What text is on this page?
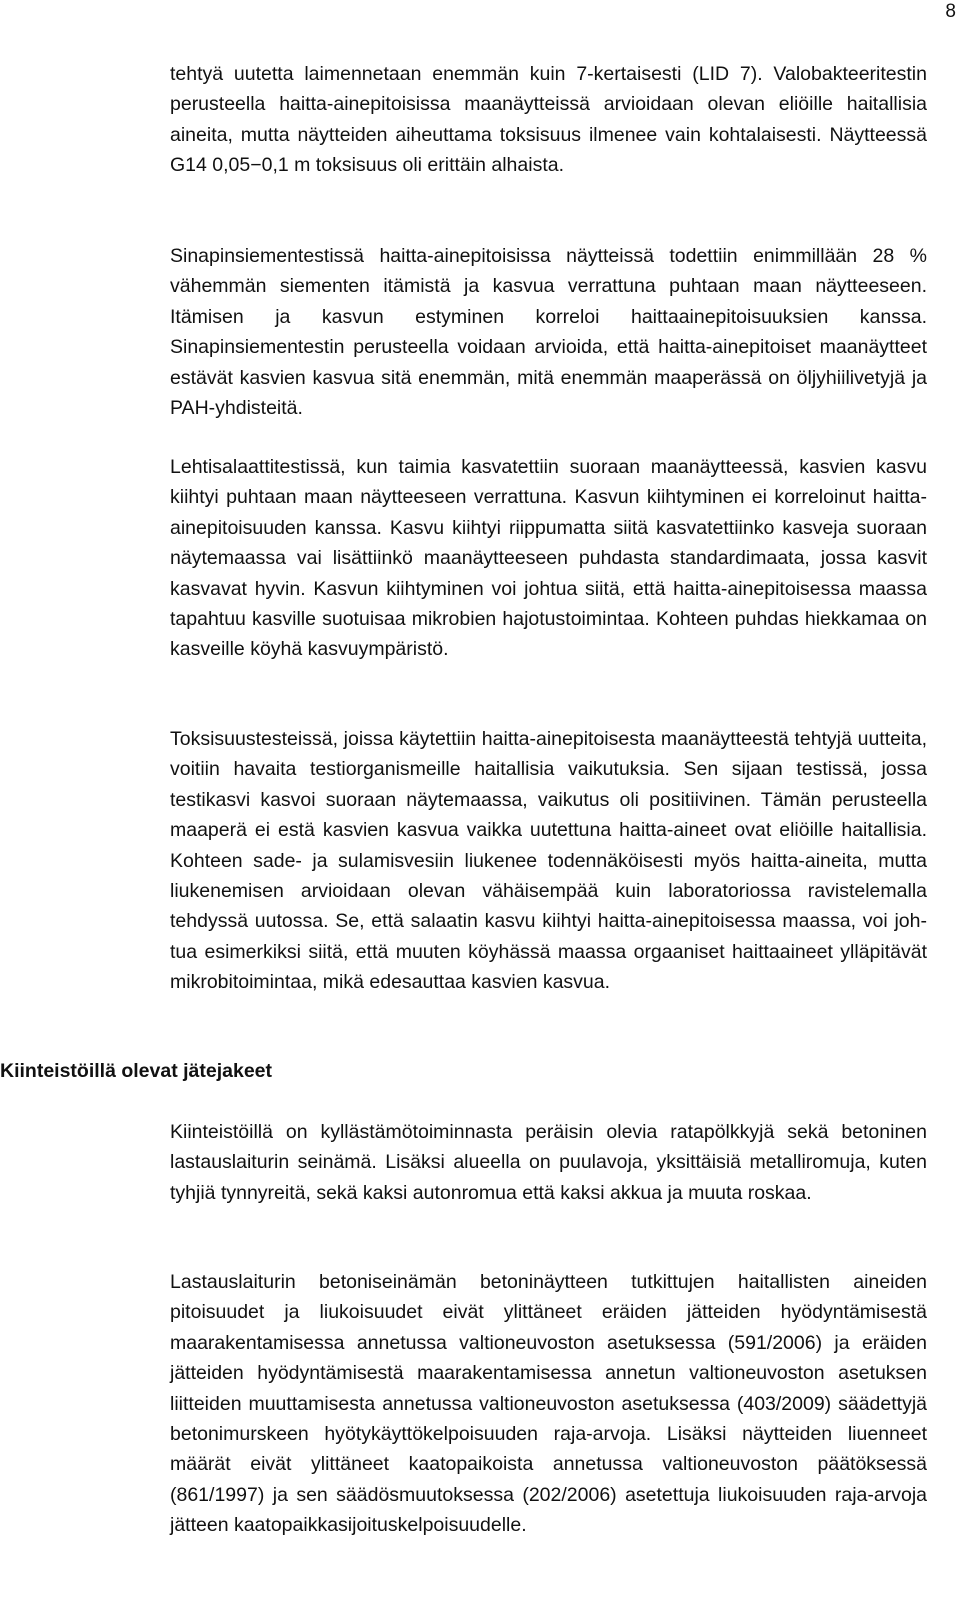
8

tehtyä uutetta laimennetaan enemmän kuin 7-kertaisesti (LID 7). Valobakteeritestin perusteella haitta-ainepitoisissa maanäytteissä arvioidaan olevan eliöille haitallisia aineita, mutta näytteiden aiheuttama toksisuus ilmenee vain kohtalaisesti. Näytteessä G14 0,05−0,1 m toksisuus oli erittäin alhaista.

Sinapinsiementestissä haitta-ainepitoisissa näytteissä todettiin enimmillään 28 % vähemmän siementen itämistä ja kasvua verrattuna puhtaan maan näytteeseen. Itämisen ja kasvun estyminen korreloi haittaainepitoisuuksien kanssa. Sinapinsiementestin perusteella voidaan arvioida, että haitta-ainepitoiset maanäytteet estävät kasvien kasvua sitä enemmän, mitä enemmän maaperässä on öljyhiilivetyjä ja PAH-yhdisteitä.

Lehtisalaattitestissä, kun taimia kasvatettiin suoraan maanäytteessä, kasvien kasvu kiihtyi puhtaan maan näytteeseen verrattuna. Kasvun kiihtyminen ei korreloinut haitta-ainepitoisuuden kanssa. Kasvu kiihtyi riippumatta siitä kasvatettiinko kasveja suoraan näytemaassa vai lisättiinkö maanäytteeseen puhdasta standardimaata, jossa kasvit kasvavat hyvin. Kasvun kiihtyminen voi johtua siitä, että haitta-ainepitoisessa maassa tapahtuu kasville suotuisaa mikrobien hajotustoimintaa. Kohteen puhdas hiekkamaa on kasveille köyhä kasvuympäristö.

Toksisuustesteissä, joissa käytettiin haitta-ainepitoisesta maanäytteestä tehtyjä uutteita, voitiin havaita testiorganismeille haitallisia vaikutuksia. Sen sijaan testissä, jossa testikasvi kasvoi suoraan näytemaassa, vaikutus oli positiivinen. Tämän perusteella maaperä ei estä kasvien kasvua vaikka uutettuna haitta-aineet ovat eliöille haitallisia. Kohteen sade- ja sulamisvesiin liukenee todennäköisesti myös haitta-aineita, mutta liukenemisen arvioidaan olevan vähäisempää kuin laboratoriossa ravistelemalla tehdyssä uutossa. Se, että salaatin kasvu kiihtyi haitta-ainepitoisessa maassa, voi johtua esimerkiksi siitä, että muuten köyhässä maassa orgaaniset haittaaineet ylläpitävät mikrobitoimintaa, mikä edesauttaa kasvien kasvua.

Kiinteistöillä olevat jätejakeet

Kiinteistöillä on kyllästämötoiminnasta peräisin olevia ratapölkkyjä sekä betoninen lastauslaiturin seinämä. Lisäksi alueella on puulavoja, yksittäisiä metalliromuja, kuten tyhjiä tynnyreitä, sekä kaksi autonromua että kaksi akkua ja muuta roskaa.

Lastauslaiturin betoniseinämän betoninäytteen tutkittujen haitallisten aineiden pitoisuudet ja liukoisuudet eivät ylittäneet eräiden jätteiden hyödyntämisestä maarakentamisessa annetussa valtioneuvoston asetuksessa (591/2006) ja eräiden jätteiden hyödyntämisestä maarakentamisessa annetun valtioneuvoston asetuksen liitteiden muuttamisesta annetussa valtioneuvoston asetuksessa (403/2009) säädettyjä betonimurskeen hyötykäyttökelpoisuuden raja-arvoja. Lisäksi näytteiden liuenneet määrät eivät ylittäneet kaatopaikoista annetussa valtioneuvoston päätöksessä (861/1997) ja sen säädösmuutoksessa (202/2006) asetettuja liukoisuuden raja-arvoja jätteen kaatopaikkasijoituskelpoisuudelle.
